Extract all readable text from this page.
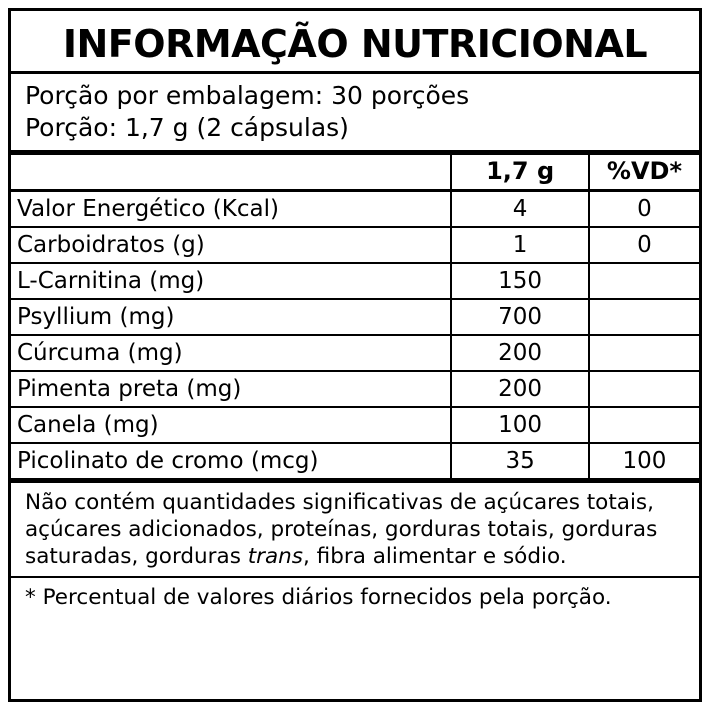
INFORMAÇÃO NUTRICIONAL
Porção por embalagem: 30 porções
Porção: 1,7 g (2 cápsulas)
	1,7 g	%VD*
Valor Energético (Kcal)	4	0
Carboidratos (g)	1	0
L-Carnitina (mg)	150	
Psyllium (mg)	700	
Cúrcuma (mg)	200	
Pimenta preta (mg)	200	
Canela (mg)	100	
Picolinato de cromo (mcg)	35	100
Não contém quantidades significativas de açúcares totais, açúcares adicionados, proteínas, gorduras totais, gorduras saturadas, gorduras trans, fibra alimentar e sódio.
* Percentual de valores diários fornecidos pela porção.
